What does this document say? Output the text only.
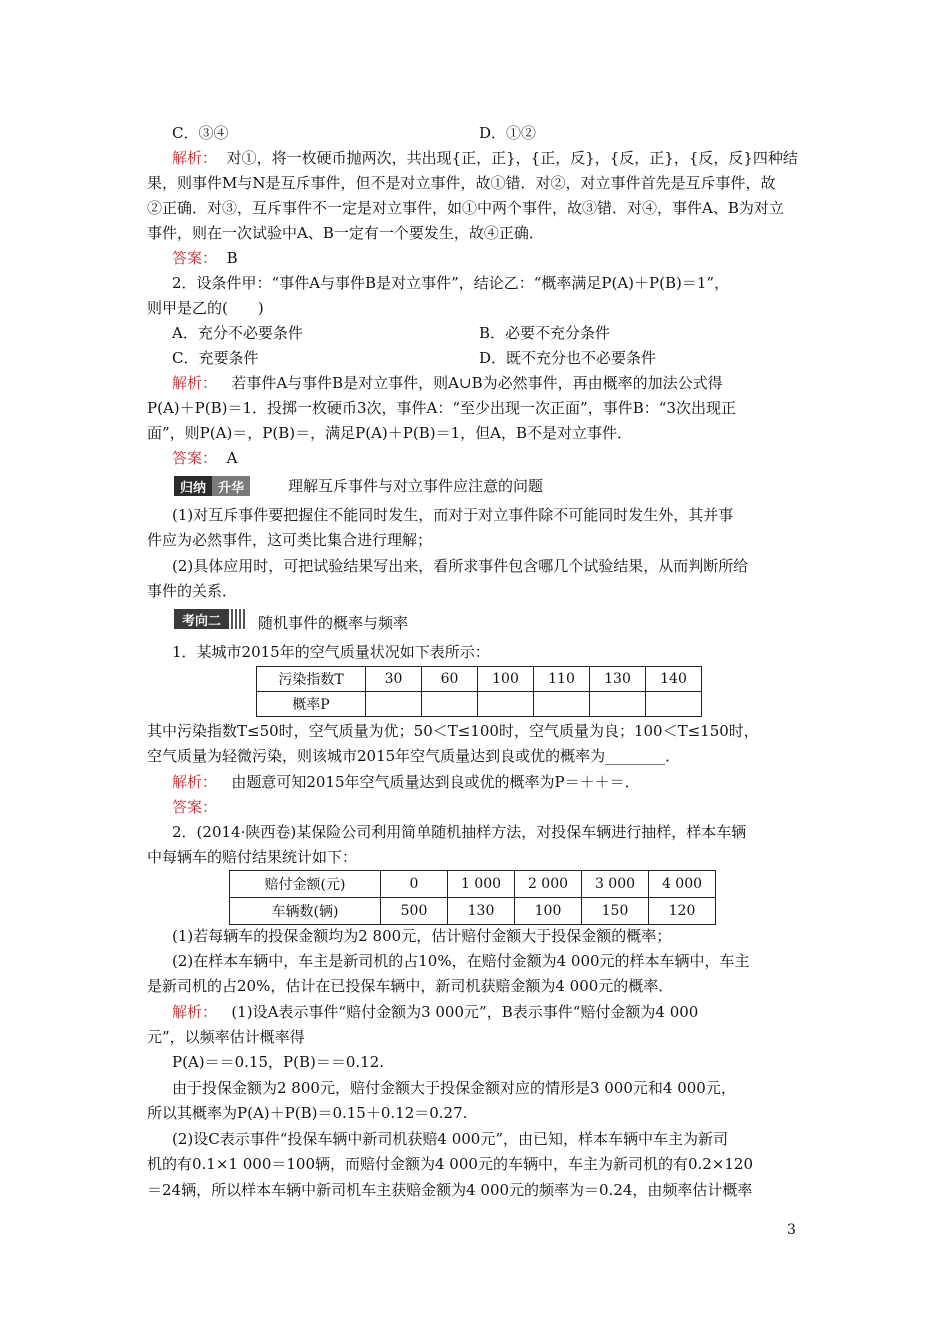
C．③④	D．①②
解析： 对①，将一枚硬币抛两次，共出现{正，正}，{正，反}，{反，正}，{反，反}四种结
果，则事件M与N是互斥事件，但不是对立事件，故①错．对②，对立事件首先是互斥事件，故
②正确．对③，互斥事件不一定是对立事件，如①中两个事件，故③错．对④，事件A、B为对立
事件，则在一次试验中A、B一定有一个要发生，故④正确．
答案： B
2．设条件甲：“事件A与事件B是对立事件”，结论乙：“概率满足P(A)＋P(B)＝1”，
则甲是乙的(　　)
A．充分不必要条件	B．必要不充分条件
C．充要条件	D．既不充分也不必要条件
解析： 若事件A与事件B是对立事件，则A∪B为必然事件，再由概率的加法公式得
P(A)＋P(B)＝1．投掷一枚硬币3次，事件A：“至少出现一次正面”，事件B：“3次出现正
面”，则P(A)＝，P(B)＝，满足P(A)＋P(B)＝1，但A，B不是对立事件．
答案： A
归纳 升华	理解互斥事件与对立事件应注意的问题
(1)对互斥事件要把握住不能同时发生，而对于对立事件除不可能同时发生外，其并事
件应为必然事件，这可类比集合进行理解；
(2)具体应用时，可把试验结果写出来，看所求事件包含哪几个试验结果，从而判断所给
事件的关系．
考向二	随机事件的概率与频率
1．某城市2015年的空气质量状况如下表所示：
污染指数T	30	60	100	110	130	140
概率P						
其中污染指数T≤50时，空气质量为优；50＜T≤100时，空气质量为良；100＜T≤150时，
空气质量为轻微污染，则该城市2015年空气质量达到良或优的概率为________．
解析： 由题意可知2015年空气质量达到良或优的概率为P＝＋＋＝．
答案：
2．(2014·陕西卷)某保险公司利用简单随机抽样方法，对投保车辆进行抽样，样本车辆
中每辆车的赔付结果统计如下：
赔付金额(元)	0	1 000	2 000	3 000	4 000
车辆数(辆)	500	130	100	150	120
(1)若每辆车的投保金额均为2 800元，估计赔付金额大于投保金额的概率；
(2)在样本车辆中，车主是新司机的占10%，在赔付金额为4 000元的样本车辆中，车主
是新司机的占20%，估计在已投保车辆中，新司机获赔金额为4 000元的概率．
解析： (1)设A表示事件“赔付金额为3 000元”，B表示事件“赔付金额为4 000
元”，以频率估计概率得
P(A)＝＝0.15，P(B)＝＝0.12.
由于投保金额为2 800元，赔付金额大于投保金额对应的情形是3 000元和4 000元，
所以其概率为P(A)＋P(B)＝0.15＋0.12＝0.27.
(2)设C表示事件“投保车辆中新司机获赔4 000元”，由已知，样本车辆中车主为新司
机的有0.1×1 000＝100辆，而赔付金额为4 000元的车辆中，车主为新司机的有0.2×120
＝24辆，所以样本车辆中新司机车主获赔金额为4 000元的频率为＝0.24，由频率估计概率
3
